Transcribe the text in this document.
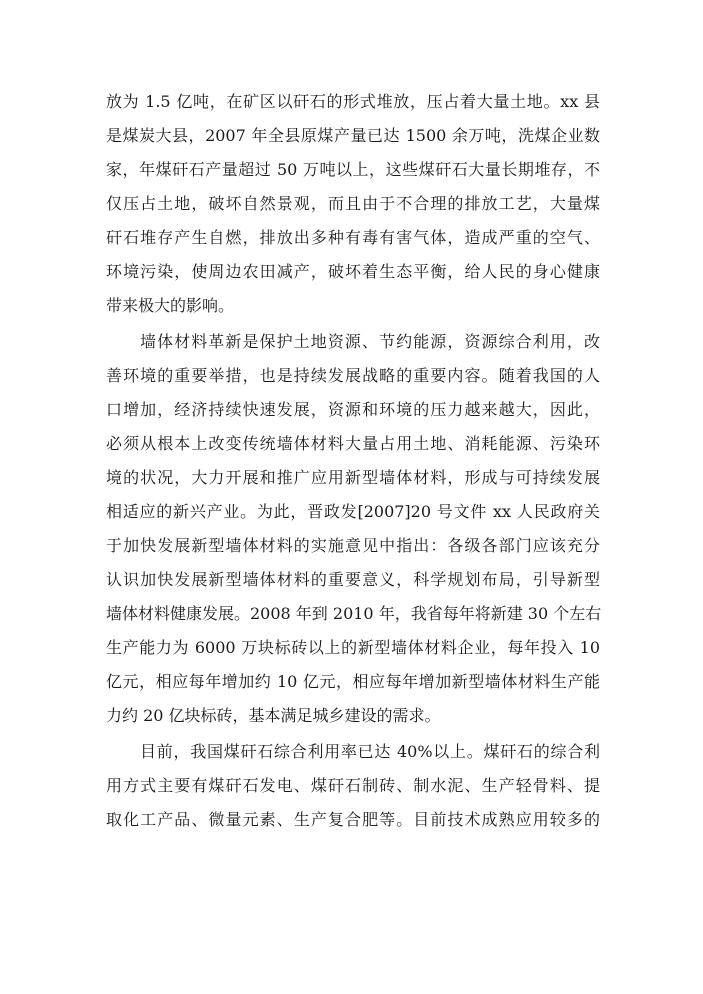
放为 1.5 亿吨，在矿区以矸石的形式堆放，压占着大量土地。xx 县
是煤炭大县，2007 年全县原煤产量已达 1500 余万吨，洗煤企业数
家，年煤矸石产量超过 50 万吨以上，这些煤矸石大量长期堆存，不
仅压占土地，破坏自然景观，而且由于不合理的排放工艺，大量煤
矸石堆存产生自燃，排放出多种有毒有害气体，造成严重的空气、
环境污染，使周边农田减产，破坏着生态平衡，给人民的身心健康
带来极大的影响。
墙体材料革新是保护土地资源、节约能源，资源综合利用，改
善环境的重要举措，也是持续发展战略的重要内容。随着我国的人
口增加，经济持续快速发展，资源和环境的压力越来越大，因此，
必须从根本上改变传统墙体材料大量占用土地、消耗能源、污染环
境的状况，大力开展和推广应用新型墙体材料，形成与可持续发展
相适应的新兴产业。为此，晋政发[2007]20 号文件 xx 人民政府关
于加快发展新型墙体材料的实施意见中指出：各级各部门应该充分
认识加快发展新型墙体材料的重要意义，科学规划布局，引导新型
墙体材料健康发展。2008 年到 2010 年，我省每年将新建 30 个左右
生产能力为 6000 万块标砖以上的新型墙体材料企业，每年投入 10
亿元，相应每年增加约 10 亿元，相应每年增加新型墙体材料生产能
力约 20 亿块标砖，基本满足城乡建设的需求。
目前，我国煤矸石综合利用率已达 40%以上。煤矸石的综合利
用方式主要有煤矸石发电、煤矸石制砖、制水泥、生产轻骨料、提
取化工产品、微量元素、生产复合肥等。目前技术成熟应用较多的
